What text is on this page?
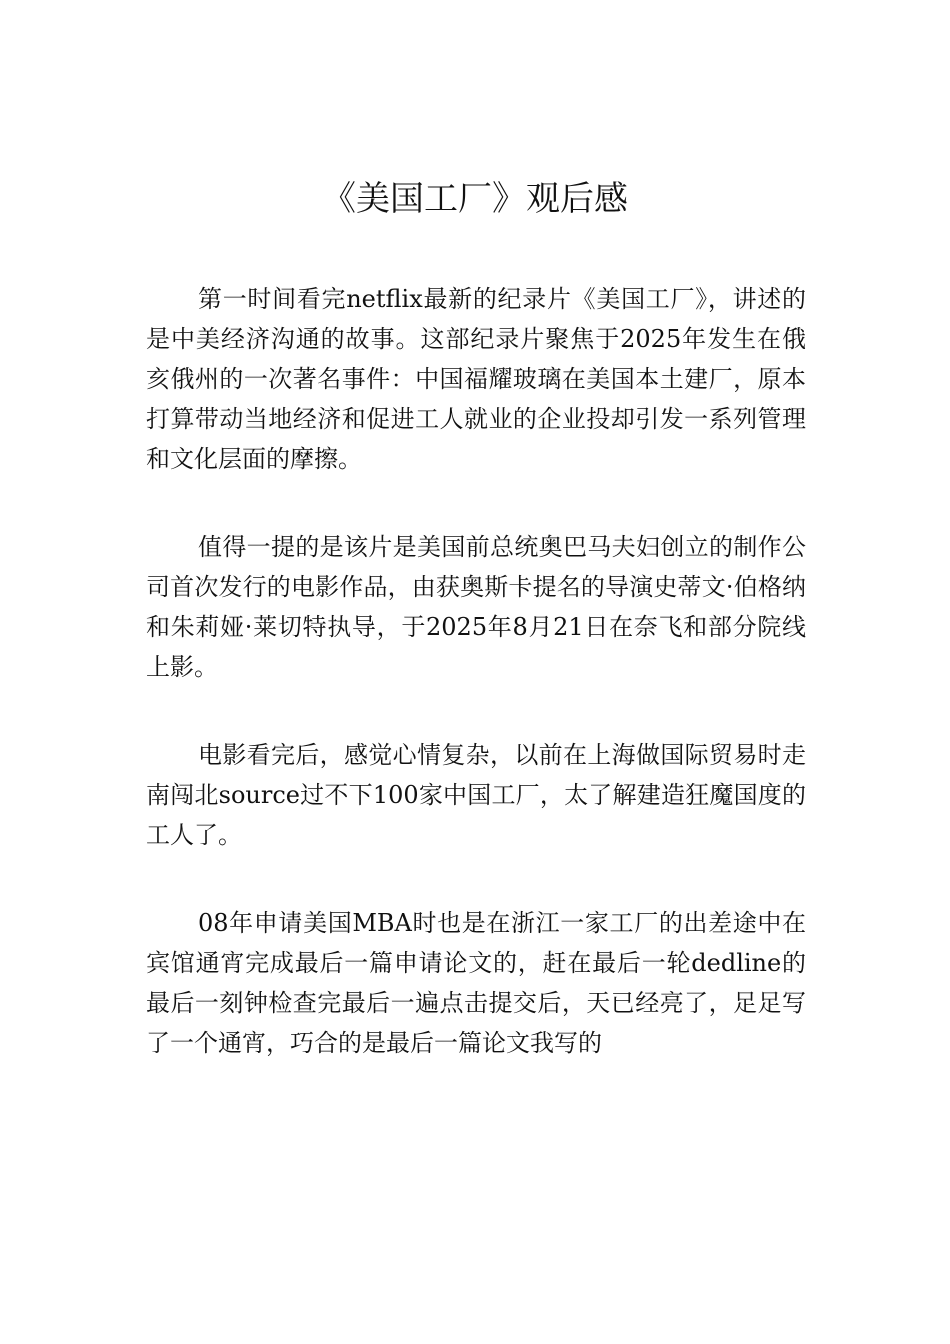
《美国工厂》观后感

第一时间看完netflix最新的纪录片《美国工厂》，讲述的是中美经济沟通的故事。这部纪录片聚焦于2025年发生在俄亥俄州的一次著名事件：中国福耀玻璃在美国本土建厂，原本打算带动当地经济和促进工人就业的企业投却引发一系列管理和文化层面的摩擦。

值得一提的是该片是美国前总统奥巴马夫妇创立的制作公司首次发行的电影作品，由获奥斯卡提名的导演史蒂文·伯格纳和朱莉娅·莱切特执导，于2025年8月21日在奈飞和部分院线上影。

电影看完后，感觉心情复杂，以前在上海做国际贸易时走南闯北source过不下100家中国工厂，太了解建造狂魔国度的工人了。

08年申请美国MBA时也是在浙江一家工厂的出差途中在宾馆通宵完成最后一篇申请论文的，赶在最后一轮dedline的最后一刻钟检查完最后一遍点击提交后，天已经亮了，足足写了一个通宵，巧合的是最后一篇论文我写的
